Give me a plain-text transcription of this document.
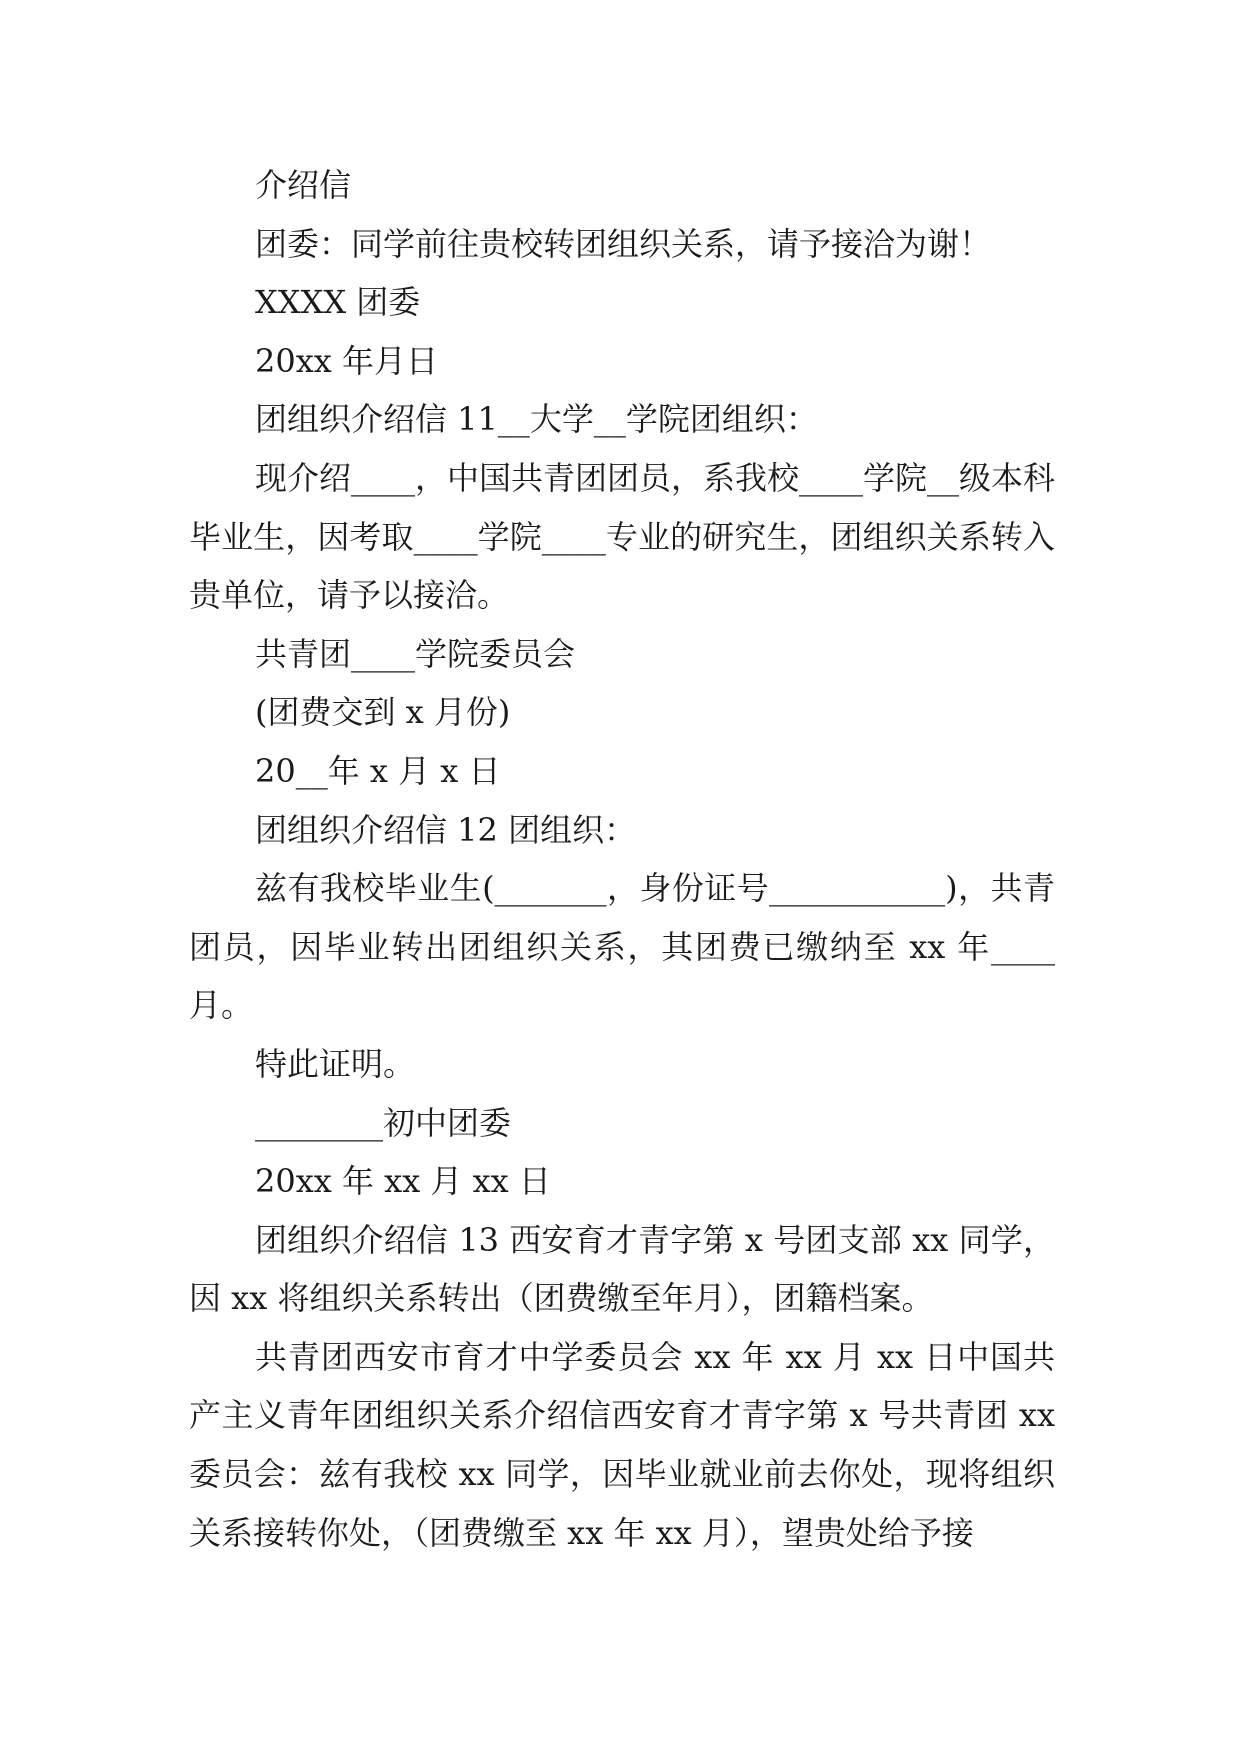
介绍信

团委：同学前往贵校转团组织关系，请予接洽为谢！

XXXX 团委

20xx 年月日

团组织介绍信 11__大学__学院团组织：

现介绍____，中国共青团团员，系我校____学院__级本科毕业生，因考取____学院____专业的研究生，团组织关系转入贵单位，请予以接洽。

共青团____学院委员会

(团费交到 x 月份)

20__年 x 月 x 日

团组织介绍信 12 团组织：

兹有我校毕业生(_______，身份证号___________)，共青团员，因毕业转出团组织关系，其团费已缴纳至 xx 年____月。

特此证明。

________初中团委

20xx 年 xx 月 xx 日

团组织介绍信 13 西安育才青字第 x 号团支部 xx 同学，因 xx 将组织关系转出（团费缴至年月），团籍档案。

共青团西安市育才中学委员会 xx 年 xx 月 xx 日中国共产主义青年团组织关系介绍信西安育才青字第 x 号共青团 xx 委员会：兹有我校 xx 同学，因毕业就业前去你处，现将组织关系接转你处，（团费缴至 xx 年 xx 月），望贵处给予接
